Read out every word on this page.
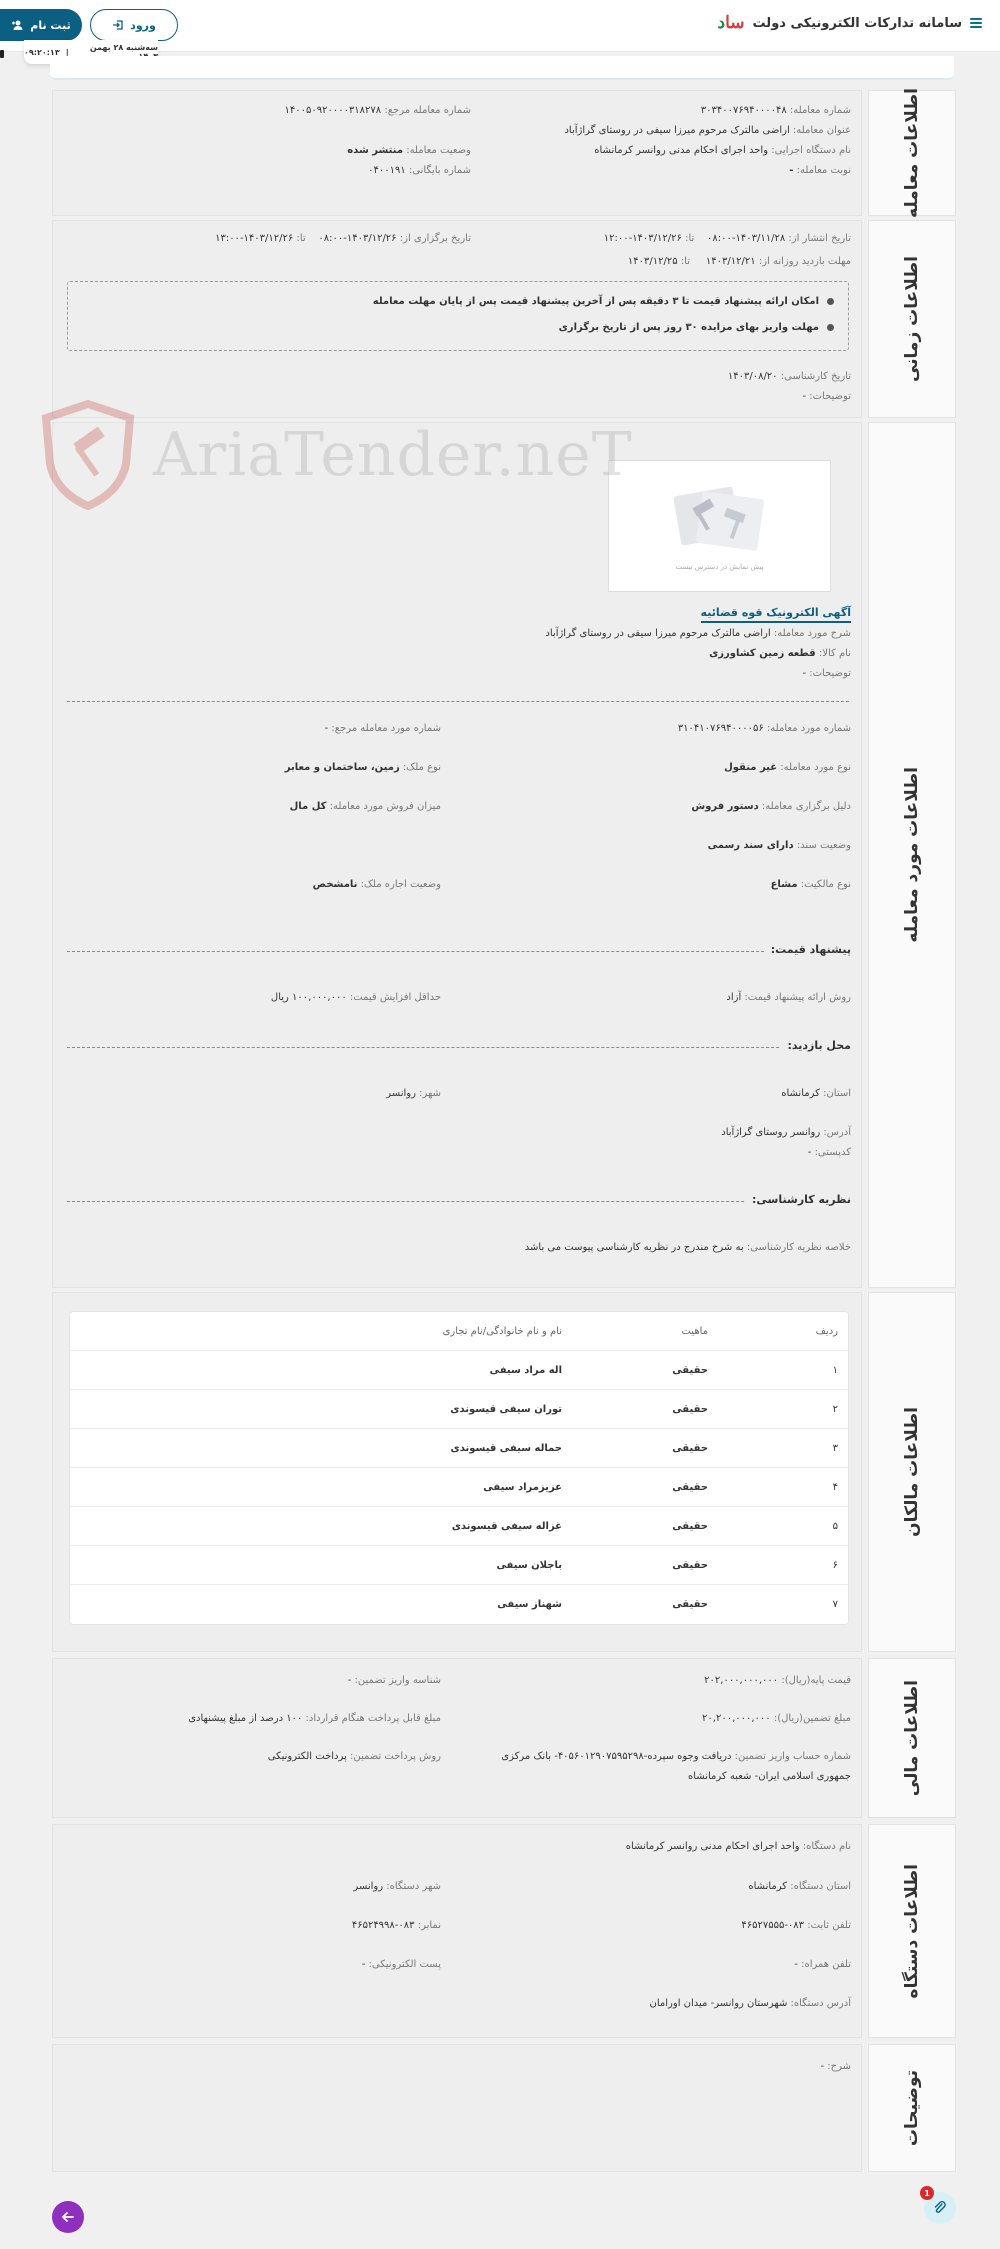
سامانه تدارکات الکترونیکی دولت
ساد
ورود
ثبت نام
سه‌شنبه ۲۸ بهمن
|
۰۹:۲۰:۱۳
شماره معامله: ۳۰۳۴۰۰۷۶۹۴۰۰۰۰۴۸
شماره معامله مرجع: ۱۴۰۰۵۰۹۲۰۰۰۰۳۱۸۲۷۸
عنوان معامله: اراضی مالترک مرحوم میرزا سیفی در روستای گراژآباد
نام دستگاه اجرایی: واحد اجرای احکام مدنی روانسر کرمانشاه
وضعیت معامله: منتشر شده
نوبت معامله: -
شماره بایگانی: ۰۴۰۰۱۹۱	اطلاعات معامله
تاریخ انتشار از: ۱۴۰۳/۱۱/۲۸-۰۸:۰۰    تا: ۱۴۰۳/۱۲/۲۶-۱۲:۰۰
تاریخ برگزاری از: ۱۴۰۳/۱۲/۲۶-۰۸:۰۰    تا: ۱۴۰۳/۱۲/۲۶-۱۳:۰۰
مهلت بازدید روزانه از: ۱۴۰۳/۱۲/۲۱     تا: ۱۴۰۳/۱۲/۲۵
امکان ارائه پیشنهاد قیمت تا ۳ دقیقه پس از آخرین پیشنهاد قیمت پس از پایان مهلت معامله
مهلت واریز بهای مزایده ۳۰ روز پس از تاریخ برگزاری
تاریخ کارشناسی: ۱۴۰۳/۰۸/۲۰
توضیحات: -
اطلاعات زمانی
پیش نمایش در دسترس نیست
آگهی الکترونیک قوه قضائیه
شرح مورد معامله: اراضی مالترک مرحوم میرزا سیفی در روستای گراژآباد
نام کالا: قطعه زمین کشاورزی
توضیحات: -
شماره مورد معامله: ۳۱۰۴۱۰۷۶۹۴۰۰۰۰۵۶
شماره مورد معامله مرجع: -
نوع مورد معامله: غیر منقول
نوع ملک: زمین، ساختمان و معابر
دلیل برگزاری معامله: دستور فروش
میزان فروش مورد معامله: کل مال
وضعیت سند: دارای سند رسمی
نوع مالکیت: مشاع
وضعیت اجاره ملک: نامشخص
پیشنهاد قیمت:
روش ارائه پیشنهاد قیمت: آزاد
حداقل افزایش قیمت: ۱۰۰,۰۰۰,۰۰۰ ریال
محل بازدید:
استان: کرمانشاه
شهر: روانسر
آدرس: روانسر روستای گراژآباد
کدپستی: -
نظریه کارشناسی:
خلاصه نظریه کارشناسی: به شرح مندرج در نظریه کارشناسی پیوست می باشد
اطلاعات مورد معامله
AriaTender.neT
ردیف
ماهیت
نام و نام خانوادگی/نام تجاری
۱
حقیقی
اله مراد سیفی
۲
حقیقی
توران سیفی قیسوندی
۳
حقیقی
جماله سیفی قیسوندی
۴
حقیقی
عزیزمراد سیفی
۵
حقیقی
غزاله سیفی قیسوندی
۶
حقیقی
باجلان سیفی
۷
حقیقی
شهناز سیفی
اطلاعات مالکان
قیمت پایه(ریال): ۲۰۲,۰۰۰,۰۰۰,۰۰۰
شناسه واریز تضمین: -
مبلغ تضمین(ریال): ۲۰,۲۰۰,۰۰۰,۰۰۰
مبلغ قابل پرداخت هنگام قرارداد: ۱۰۰ درصد از مبلغ پیشنهادی
شماره حساب واریز تضمین: دریافت وجوه سپرده-۴۰۵۶۰۱۲۹۰۷۵۹۵۲۹۸- بانک مرکزی
روش پرداخت تضمین: پرداخت الکترونیکی
جمهوری اسلامی ایران- شعبه کرمانشاه	اطلاعات مالی
نام دستگاه: واحد اجرای احکام مدنی روانسر کرمانشاه
استان دستگاه: کرمانشاه
شهر دستگاه: روانسر
تلفن ثابت: ۰۸۳-۴۶۵۲۷۵۵۵
نمابر: ۰۸۳-۴۶۵۲۴۹۹۸
تلفن همراه: -
پست الکترونیکی: -
آدرس دستگاه: شهرستان روانسر- میدان اورامان
اطلاعات دستگاه
شرح: -
توضیحات
1
